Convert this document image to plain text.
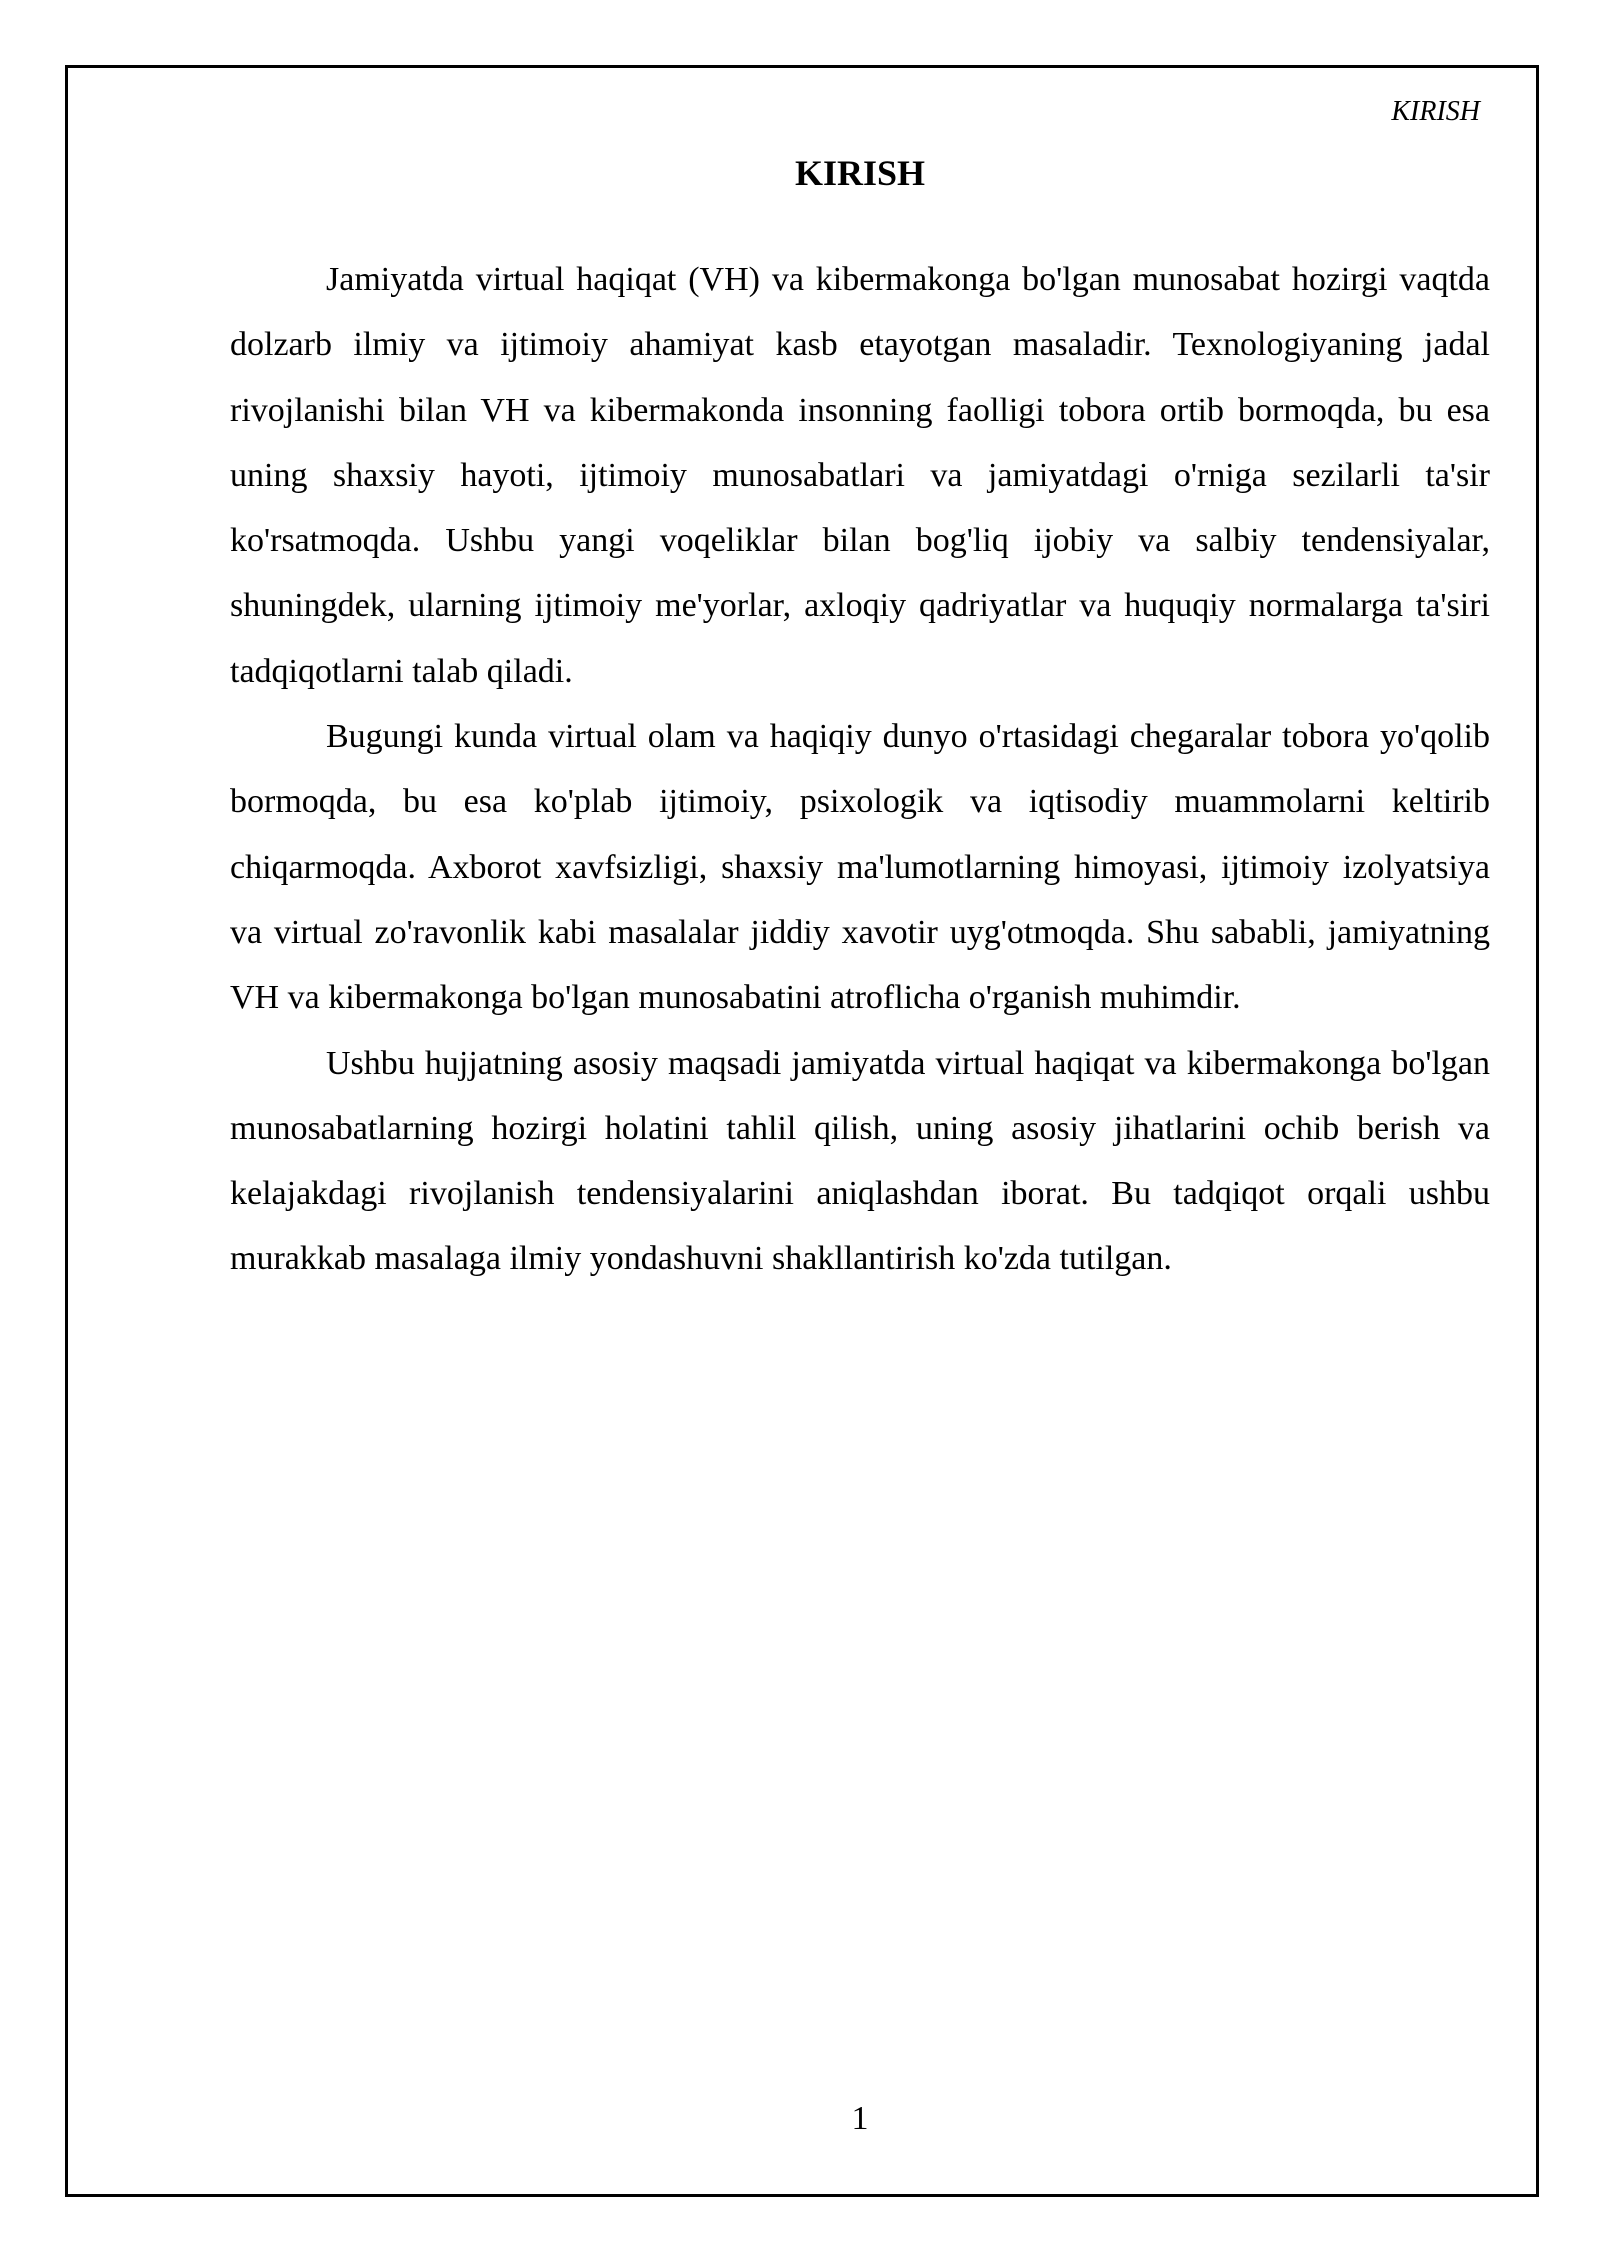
KIRISH
KIRISH

Jamiyatda virtual haqiqat (VH) va kibermakonga bo'lgan munosabat hozirgi vaqtda dolzarb ilmiy va ijtimoiy ahamiyat kasb etayotgan masaladir. Texnologiyaning jadal rivojlanishi bilan VH va kibermakonda insonning faolligi tobora ortib bormoqda, bu esa uning shaxsiy hayoti, ijtimoiy munosabatlari va jamiyatdagi o'rniga sezilarli ta'sir ko'rsatmoqda. Ushbu yangi voqeliklar bilan bog'liq ijobiy va salbiy tendensiyalar, shuningdek, ularning ijtimoiy me'yorlar, axloqiy qadriyatlar va huquqiy normalarga ta'siri tadqiqotlarni talab qiladi.

Bugungi kunda virtual olam va haqiqiy dunyo o'rtasidagi chegaralar tobora yo'qolib bormoqda, bu esa ko'plab ijtimoiy, psixologik va iqtisodiy muammolarni keltirib chiqarmoqda. Axborot xavfsizligi, shaxsiy ma'lumotlarning himoyasi, ijtimoiy izolyatsiya va virtual zo'ravonlik kabi masalalar jiddiy xavotir uyg'otmoqda. Shu sababli, jamiyatning VH va kibermakonga bo'lgan munosabatini atroflicha o'rganish muhimdir.

Ushbu hujjatning asosiy maqsadi jamiyatda virtual haqiqat va kibermakonga bo'lgan munosabatlarning hozirgi holatini tahlil qilish, uning asosiy jihatlarini ochib berish va kelajakdagi rivojlanish tendensiyalarini aniqlashdan iborat. Bu tadqiqot orqali ushbu murakkab masalaga ilmiy yondashuvni shakllantirish ko'zda tutilgan.

1
